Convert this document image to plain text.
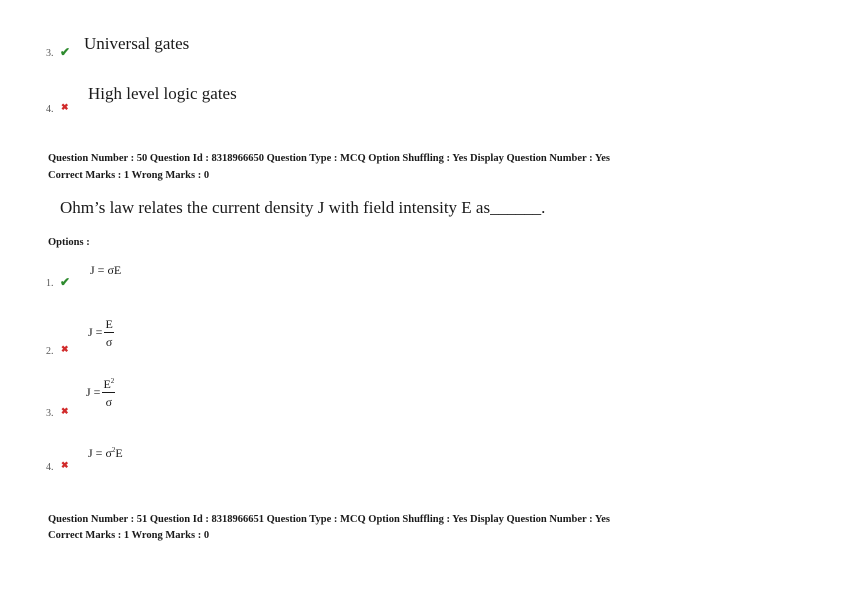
3. ✔ Universal gates
4. ✖
High level logic gates
Question Number : 50 Question Id : 8318966650 Question Type : MCQ Option Shuffling : Yes Display Question Number : Yes
Correct Marks : 1 Wrong Marks : 0
Ohm’s law relates the current density J with field intensity E as______.
Options :
J = σE
1. ✔
$J = \frac{E}{\sigma}$
2. ✖
$J = \frac{E^2}{\sigma}$
3. ✖
$J = \sigma^2E$
4. ✖
Question Number : 51 Question Id : 8318966651 Question Type : MCQ Option Shuffling : Yes Display Question Number : Yes
Correct Marks : 1 Wrong Marks : 0
